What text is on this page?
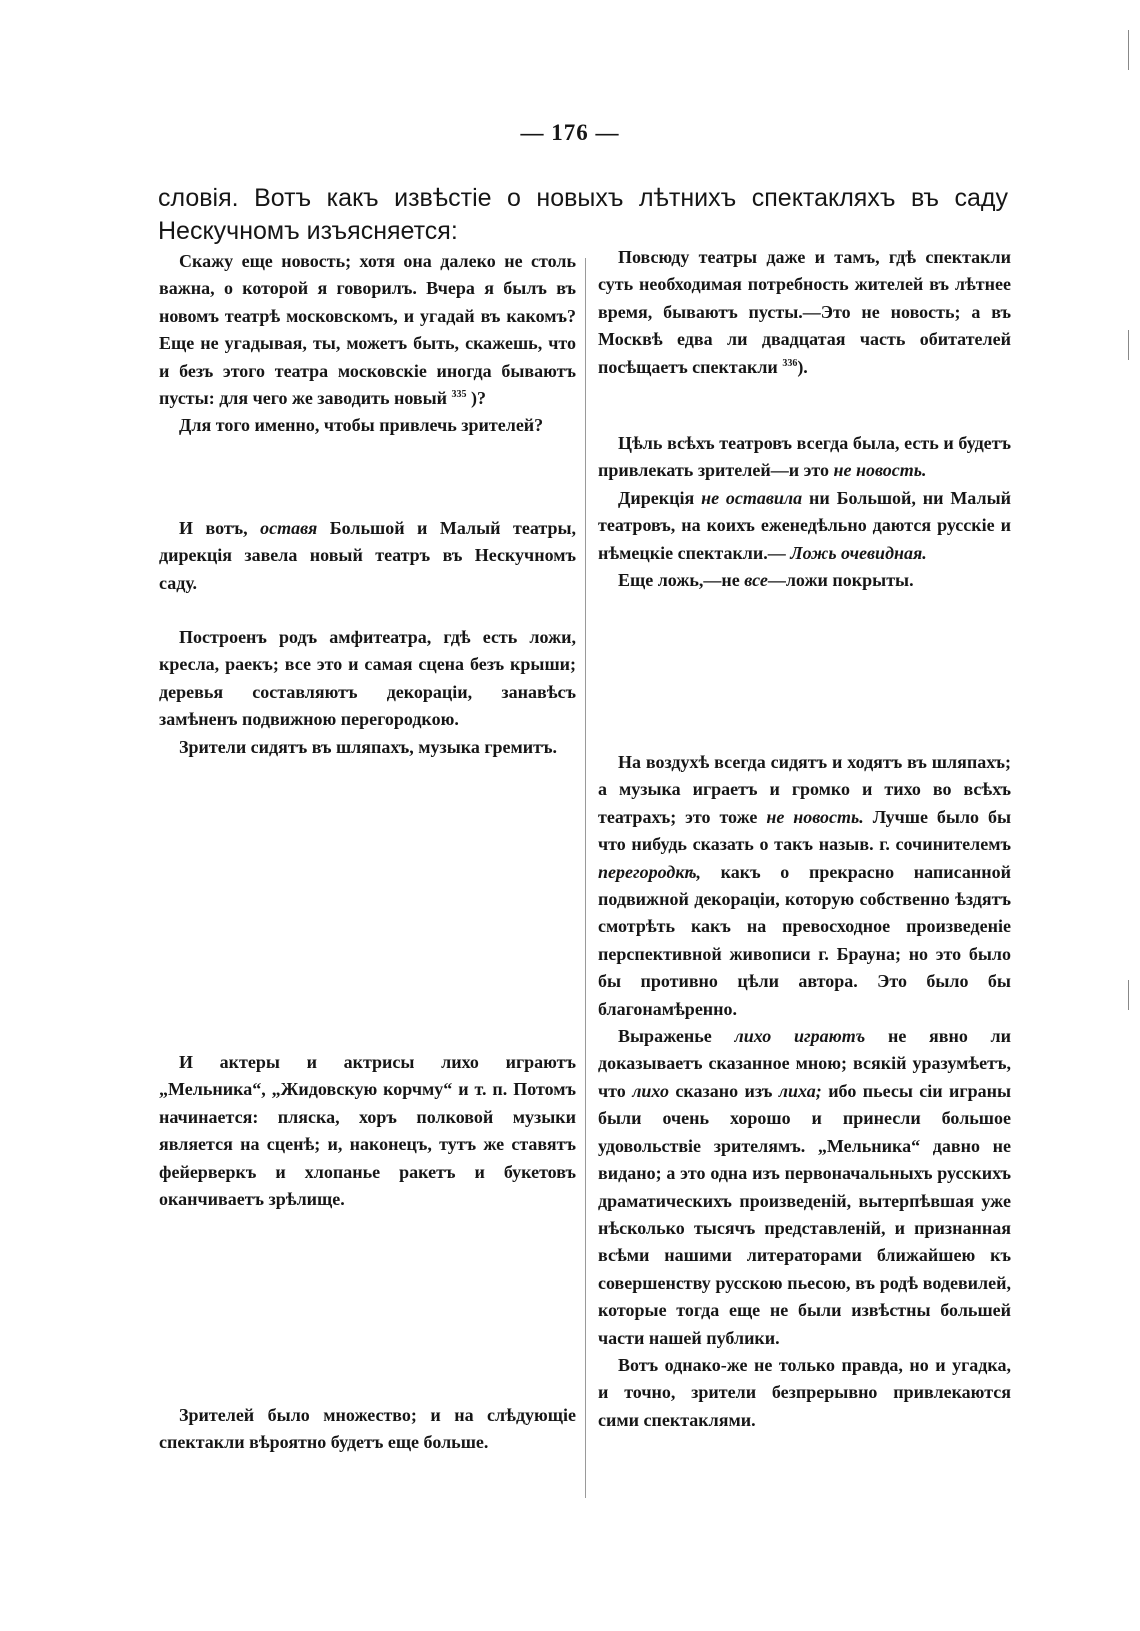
— 176 —
словія. Вотъ какъ извѣстіе о новыхъ лѣтнихъ спектакляхъ въ саду Нескучномъ изъясняется:

Скажу еще новость; хотя она далеко не столь важна, о которой я говорилъ. Вчера я былъ въ новомъ театрѣ московскомъ, и угадай въ какомъ? Еще не угадывая, ты, можетъ быть, скажешь, что и безъ этого театра московскіе иногда бываютъ пусты: для чего же заводить новый $^{335}$ )?

Для того именно, чтобы привлечь зрителей?

И вотъ, оставя Большой и Малый театры, дирекція завела новый театръ въ Нескучномъ саду.

Построенъ родъ амфитеатра, гдѣ есть ложи, кресла, раекъ; все это и самая сцена безъ крыши; деревья составляютъ декораціи, занавѣсъ замѣненъ подвижною перегородкою.

Зрители сидятъ въ шляпахъ, музыка гремитъ.

И актеры и актрисы лихо играютъ „Мельника“, „Жидовскую корчму“ и т. п. Потомъ начинается: пляска, хоръ полковой музыки является на сценѣ; и, наконецъ, тутъ же ставятъ фейерверкъ и хлопанье ракетъ и букетовъ оканчиваетъ зрѣлище.

Зрителей было множество; и на слѣдующіе спектакли вѣроятно будетъ еще больше.

Повсюду театры даже и тамъ, гдѣ спектакли суть необходимая потребность жителей въ лѣтнее время, бываютъ пусты.—Это не новость; а въ Москвѣ едва ли двадцатая часть обитателей посѣщаетъ спектакли $^{336}$).

Цѣль всѣхъ театровъ всегда была, есть и будетъ привлекать зрителей—и это не новость.

Дирекція не оставила ни Большой, ни Малый театровъ, на коихъ еженедѣльно даются русскіе и нѣмецкіе спектакли.— Ложь очевидная.

Еще ложь,—не все—ложи покрыты.

На воздухѣ всегда сидятъ и ходятъ въ шляпахъ; а музыка играетъ и громко и тихо во всѣхъ театрахъ; это тоже не новость. Лучше было бы что нибудь сказать о такъ назыв. г. сочинителемъ перегородкѣ, какъ о прекрасно написанной подвижной декораціи, которую собственно ѣздятъ смотрѣть какъ на превосходное произведеніе перспективной живописи г. Брауна; но это было бы противно цѣли автора. Это было бы благонамѣренно.

Выраженье лихо играютъ не явно ли доказываетъ сказанное мною; всякій уразумѣетъ, что лихо сказано изъ лиха; ибо пьесы сіи играны были очень хорошо и принесли большое удовольствіе зрителямъ. „Мельника“ давно не видано; а это одна изъ первоначальныхъ русскихъ драматическихъ произведеній, вытерпѣвшая уже нѣсколько тысячъ представленій, и признанная всѣми нашими литераторами ближайшею къ совершенству русскою пьесою, въ родѣ водевилей, которые тогда еще не были извѣстны большей части нашей публики.

Вотъ однако-же не только правда, но и угадка, и точно, зрители безпрерывно привлекаются сими спектаклями.
